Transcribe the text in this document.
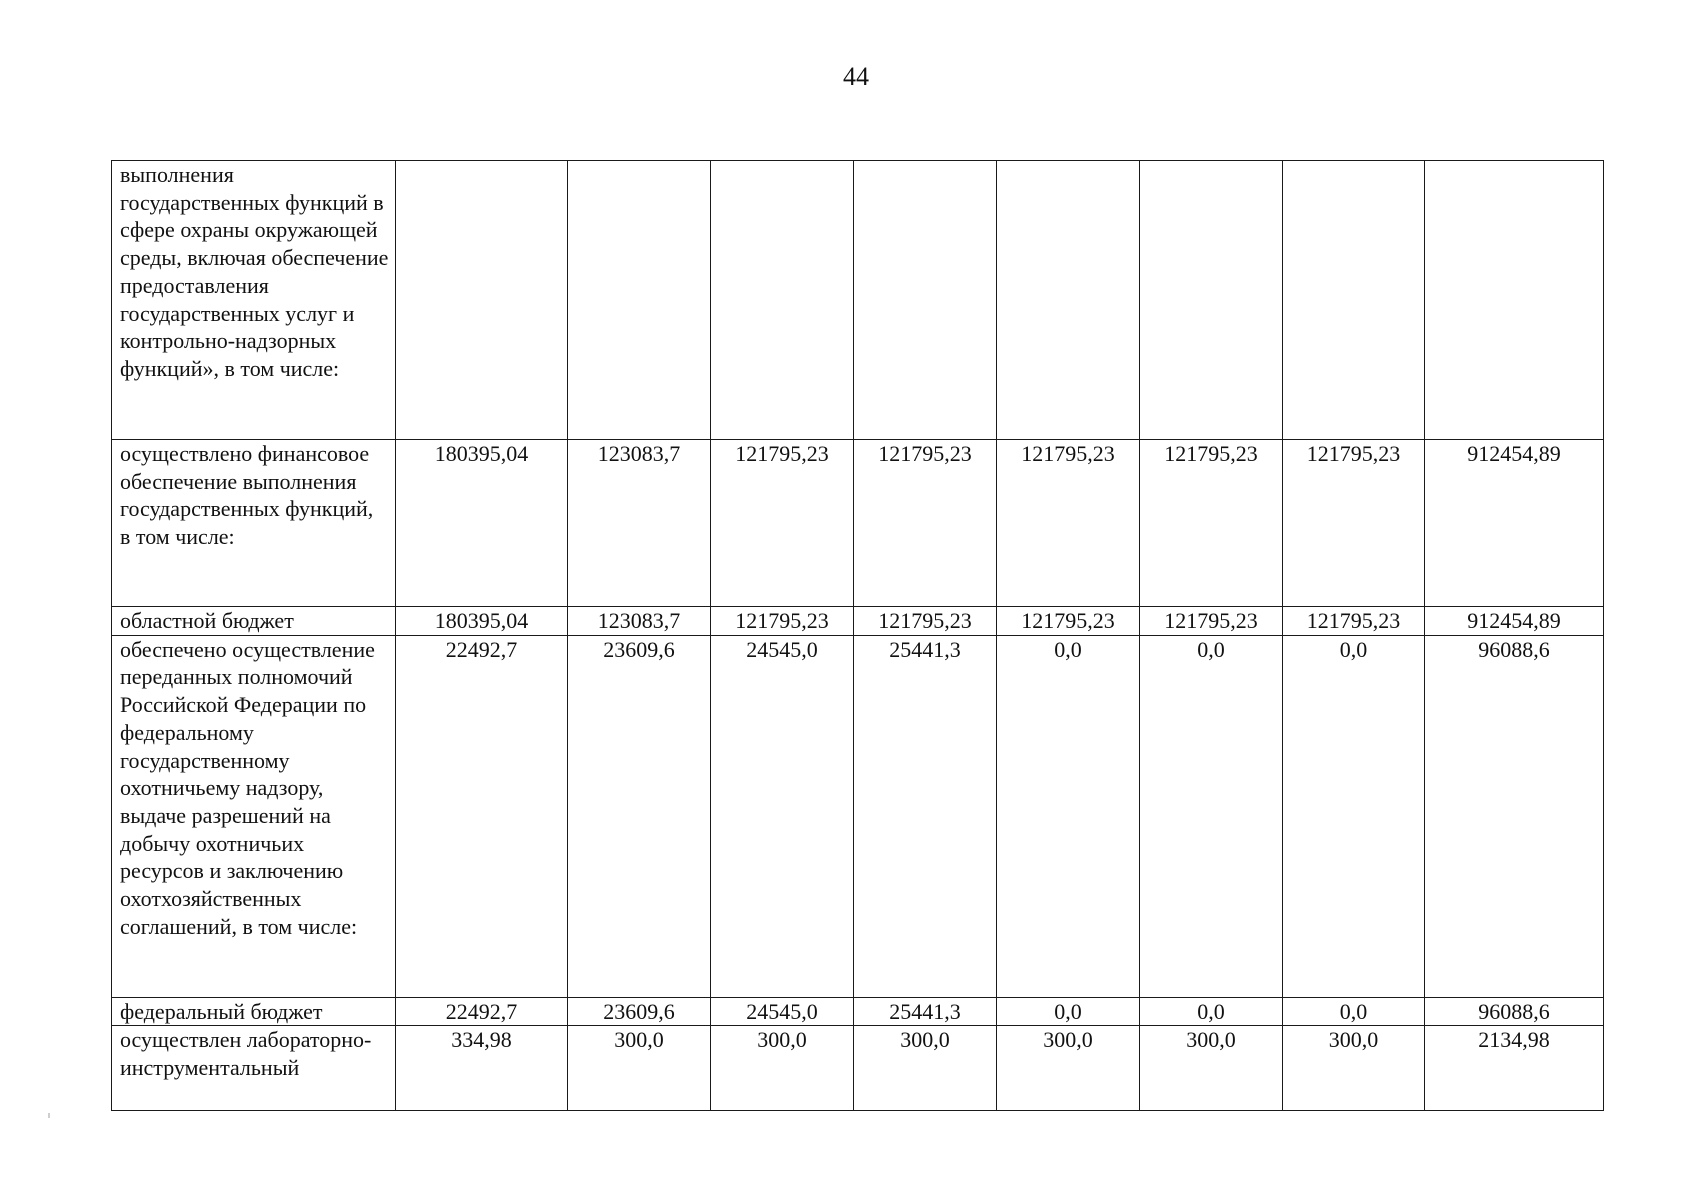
44
выполнения государственных функций в сфере охраны окружающей среды, включая обеспечение предоставления государственных услуг и контрольно-надзорных функций», в том числе:								
осуществлено финансовое обеспечение выполнения государственных функций, в том числе:	180395,04	123083,7	121795,23	121795,23	121795,23	121795,23	121795,23	912454,89
областной бюджет	180395,04	123083,7	121795,23	121795,23	121795,23	121795,23	121795,23	912454,89
обеспечено осуществление переданных полномочий Российской Федерации по федеральному государственному охотничьему надзору, выдаче разрешений на добычу охотничьих ресурсов и заключению охотхозяйственных соглашений, в том числе:	22492,7	23609,6	24545,0	25441,3	0,0	0,0	0,0	96088,6
федеральный бюджет	22492,7	23609,6	24545,0	25441,3	0,0	0,0	0,0	96088,6
осуществлен лабораторно-инструментальный	334,98	300,0	300,0	300,0	300,0	300,0	300,0	2134,98
